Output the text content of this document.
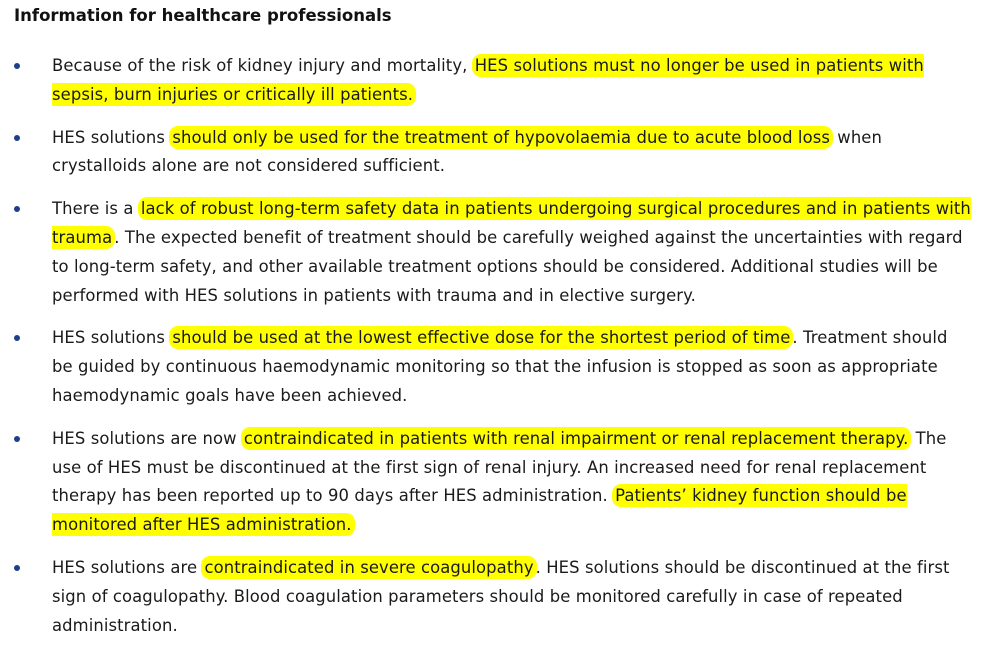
Information for healthcare professionals
Because of the risk of kidney injury and mortality, HES solutions must no longer be used in patients with sepsis, burn injuries or critically ill patients.
HES solutions should only be used for the treatment of hypovolaemia due to acute blood loss when crystalloids alone are not considered sufficient.
There is a lack of robust long-term safety data in patients undergoing surgical procedures and in patients with trauma . The expected benefit of treatment should be carefully weighed against the uncertainties with regard to long-term safety, and other available treatment options should be considered. Additional studies will be performed with HES solutions in patients with trauma and in elective surgery.
HES solutions should be used at the lowest effective dose for the shortest period of time . Treatment should be guided by continuous haemodynamic monitoring so that the infusion is stopped as soon as appropriate haemodynamic goals have been achieved.
HES solutions are now contraindicated in patients with renal impairment or renal replacement therapy. The use of HES must be discontinued at the first sign of renal injury. An increased need for renal replacement therapy has been reported up to 90 days after HES administration. Patients’ kidney function should be monitored after HES administration.
HES solutions are contraindicated in severe coagulopathy . HES solutions should be discontinued at the first sign of coagulopathy. Blood coagulation parameters should be monitored carefully in case of repeated administration.
